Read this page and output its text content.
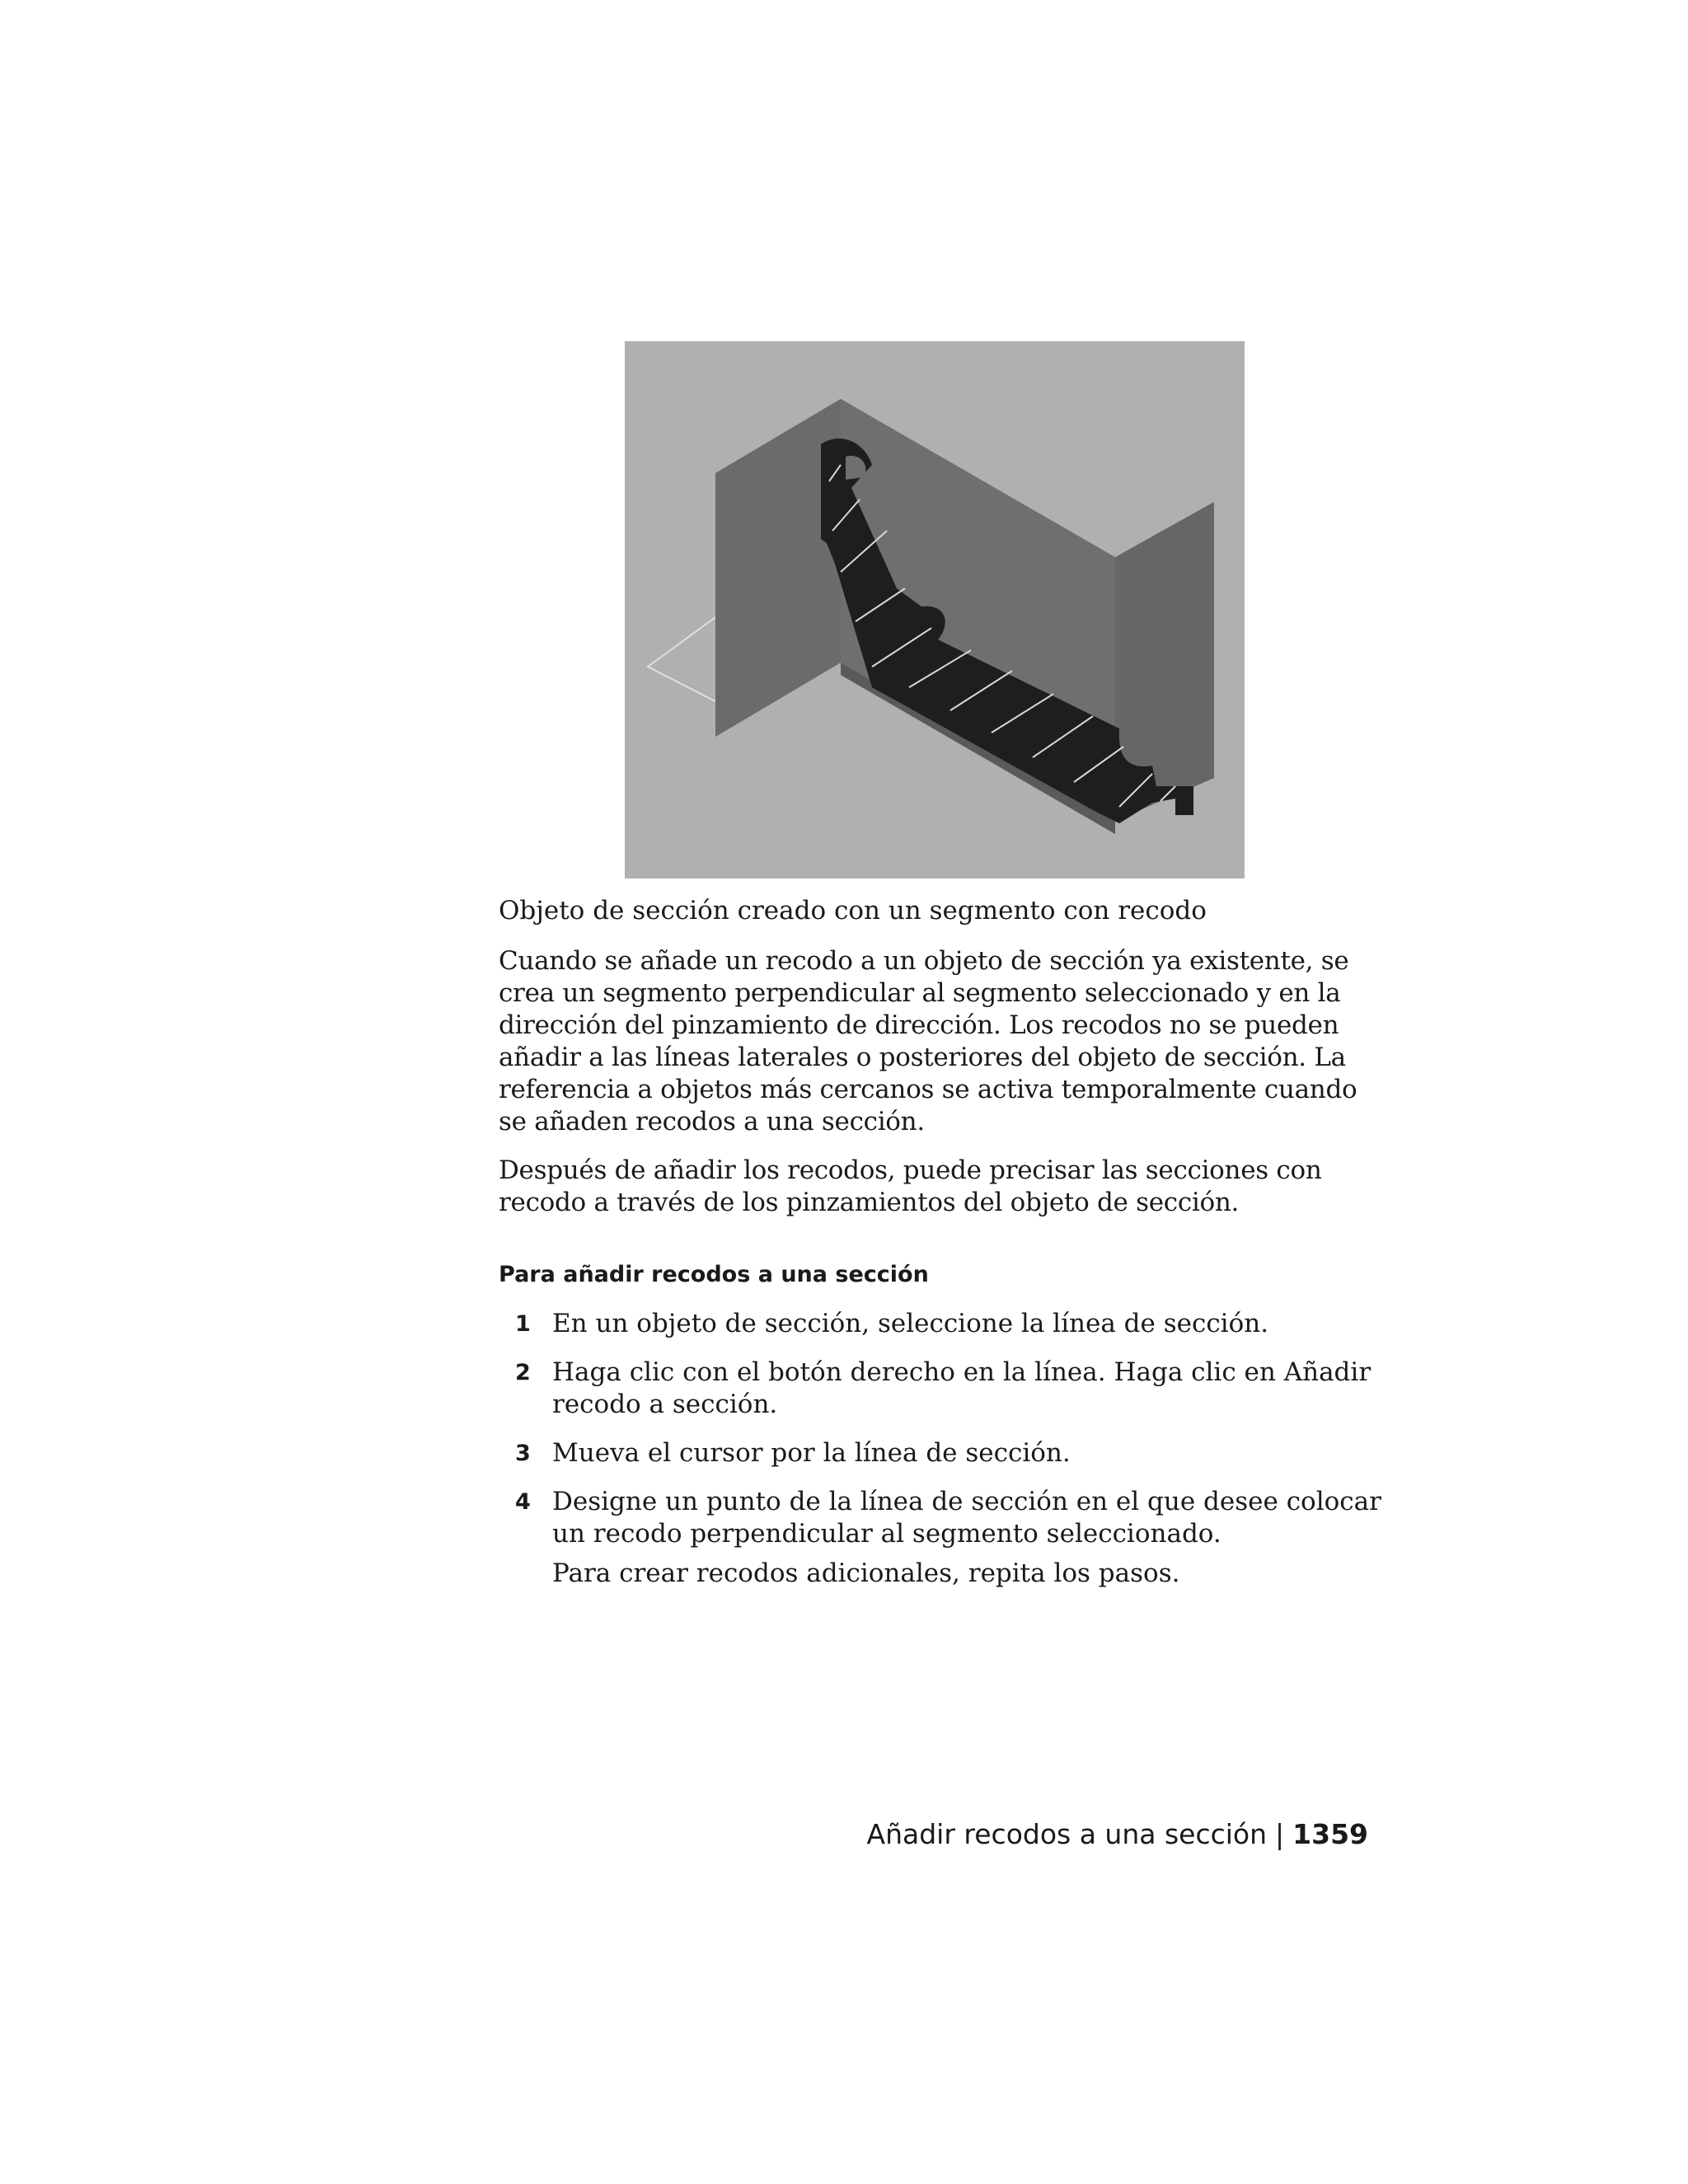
Objeto de sección creado con un segmento con recodo

Cuando se añade un recodo a un objeto de sección ya existente, se crea un segmento perpendicular al segmento seleccionado y en la dirección del pinzamiento de dirección. Los recodos no se pueden añadir a las líneas laterales o posteriores del objeto de sección. La referencia a objetos más cercanos se activa temporalmente cuando se añaden recodos a una sección.

Después de añadir los recodos, puede precisar las secciones con recodo a través de los pinzamientos del objeto de sección.

Para añadir recodos a una sección
1 En un objeto de sección, seleccione la línea de sección.
2 Haga clic con el botón derecho en la línea. Haga clic en Añadir recodo a sección.
3 Mueva el cursor por la línea de sección.
4 Designe un punto de la línea de sección en el que desee colocar un recodo perpendicular al segmento seleccionado.
Para crear recodos adicionales, repita los pasos.
Añadir recodos a una sección | 1359
